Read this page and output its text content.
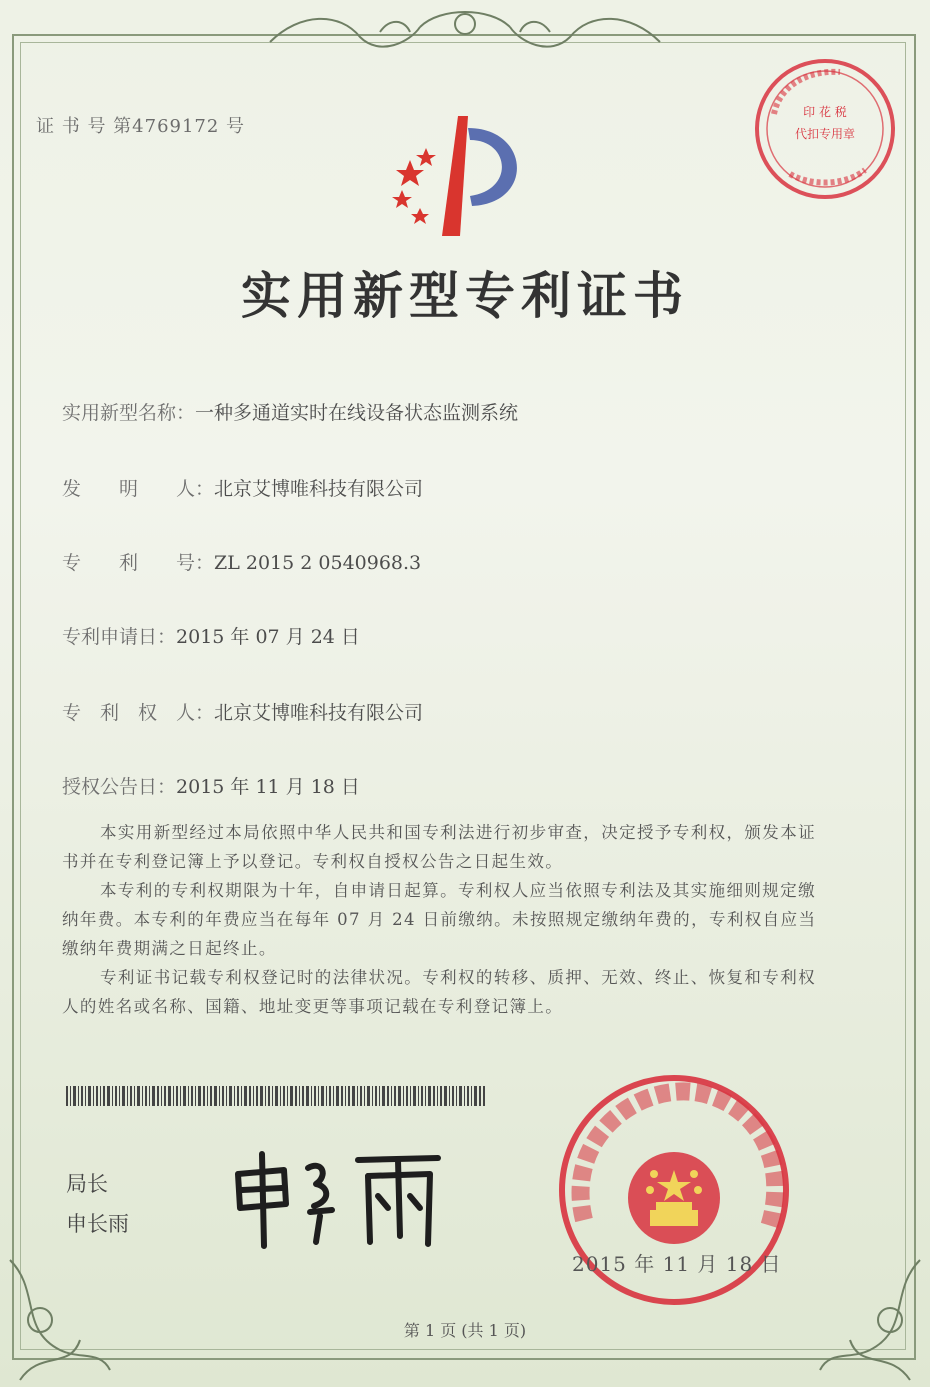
证 书 号 第4769172 号
实用新型专利证书
实用新型名称：一种多通道实时在线设备状态监测系统
发　　明　　人：北京艾博唯科技有限公司
专　　利　　号：ZL 2015 2 0540968.3
专利申请日：2015 年 07 月 24 日
专　利　权　人：北京艾博唯科技有限公司
授权公告日：2015 年 11 月 18 日
本实用新型经过本局依照中华人民共和国专利法进行初步审查，决定授予专利权，颁发本证书并在专利登记簿上予以登记。专利权自授权公告之日起生效。
本专利的专利权期限为十年，自申请日起算。专利权人应当依照专利法及其实施细则规定缴纳年费。本专利的年费应当在每年 07 月 24 日前缴纳。未按照规定缴纳年费的，专利权自应当缴纳年费期满之日起终止。
专利证书记载专利权登记时的法律状况。专利权的转移、质押、无效、终止、恢复和专利权人的姓名或名称、国籍、地址变更等事项记载在专利登记簿上。
局长
申长雨
印 花 税
代扣专用章
2015 年 11 月 18 日
第 1 页 (共 1 页)
